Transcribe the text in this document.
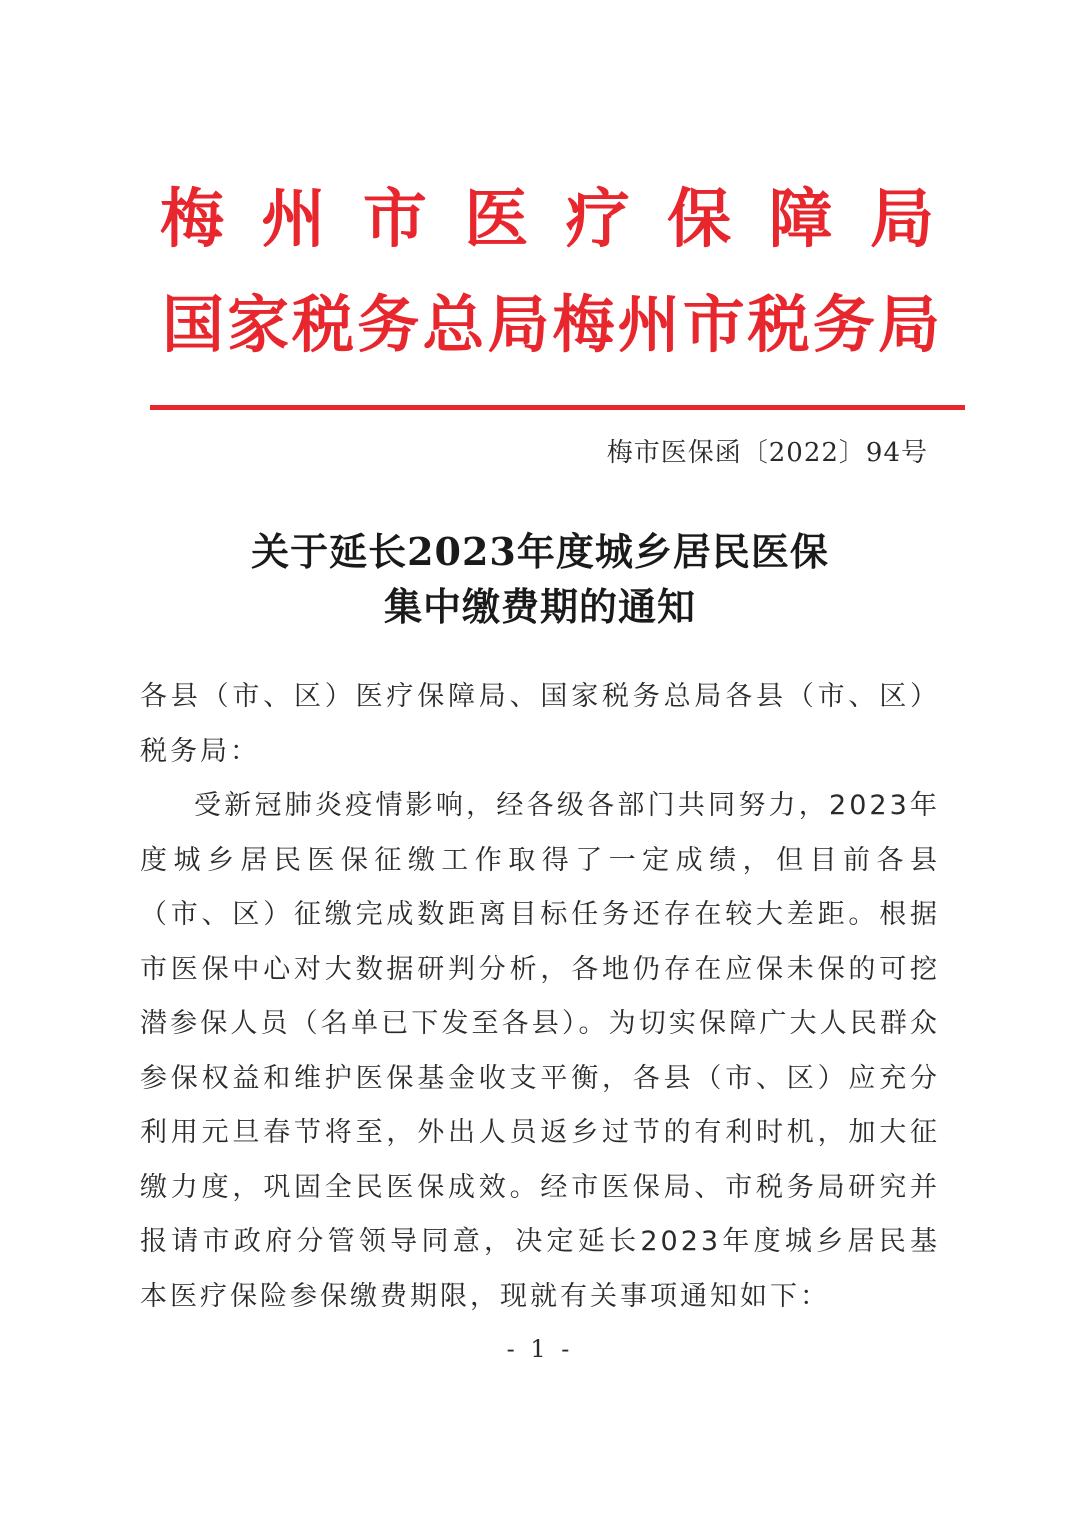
梅州市医疗保障局
国家税务总局梅州市税务局
梅市医保函〔2022〕94号
关于延长2023年度城乡居民医保
集中缴费期的通知
各县（市、区）医疗保障局、国家税务总局各县（市、区）税务局：
受新冠肺炎疫情影响，经各级各部门共同努力，2023年度城乡居民医保征缴工作取得了一定成绩，但目前各县（市、区）征缴完成数距离目标任务还存在较大差距。根据市医保中心对大数据研判分析，各地仍存在应保未保的可挖潜参保人员（名单已下发至各县）。为切实保障广大人民群众参保权益和维护医保基金收支平衡，各县（市、区）应充分利用元旦春节将至，外出人员返乡过节的有利时机，加大征缴力度，巩固全民医保成效。经市医保局、市税务局研究并报请市政府分管领导同意，决定延长2023年度城乡居民基本医疗保险参保缴费期限，现就有关事项通知如下：
- 1 -
